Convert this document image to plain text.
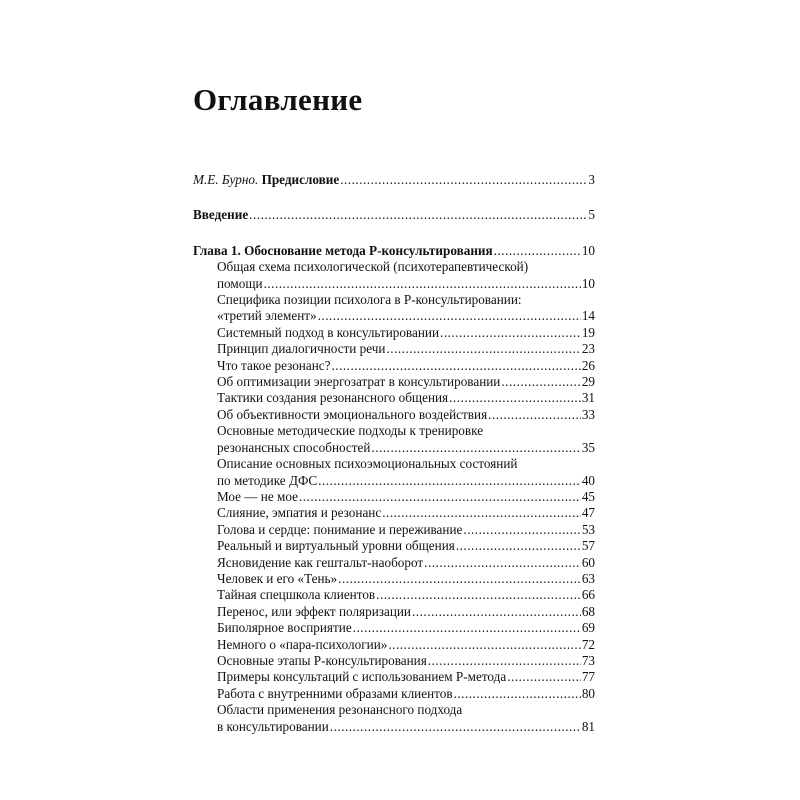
Оглавление
М.Е. Бурно. Предисловие .....	3
Введение .....	5
Глава 1. Обоснование метода Р-консультирования .....	10
Общая схема психологической (психотерапевтической)
помощи .....	10
Специфика позиции психолога в Р-консультировании:
«третий элемент» .....	14
Системный подход в консультировании .....	19
Принцип диалогичности речи .....	23
Что такое резонанс? .....	26
Об оптимизации энергозатрат в консультировании .....	29
Тактики создания резонансного общения .....	31
Об объективности эмоционального воздействия .....	33
Основные методические подходы к тренировке
резонансных способностей .....	35
Описание основных психоэмоциональных состояний
по методике ДФС .....	40
Мое — не мое .....	45
Слияние, эмпатия и резонанс .....	47
Голова и сердце: понимание и переживание .....	53
Реальный и виртуальный уровни общения .....	57
Ясновидение как гештальт-наоборот .....	60
Человек и его «Тень» .....	63
Тайная спецшкола клиентов .....	66
Перенос, или эффект поляризации .....	68
Биполярное восприятие .....	69
Немного о «пара-психологии» .....	72
Основные этапы Р-консультирования .....	73
Примеры консультаций с использованием Р-метода .....	77
Работа с внутренними образами клиентов .....	80
Области применения резонансного подхода
в консультировании .....	81
